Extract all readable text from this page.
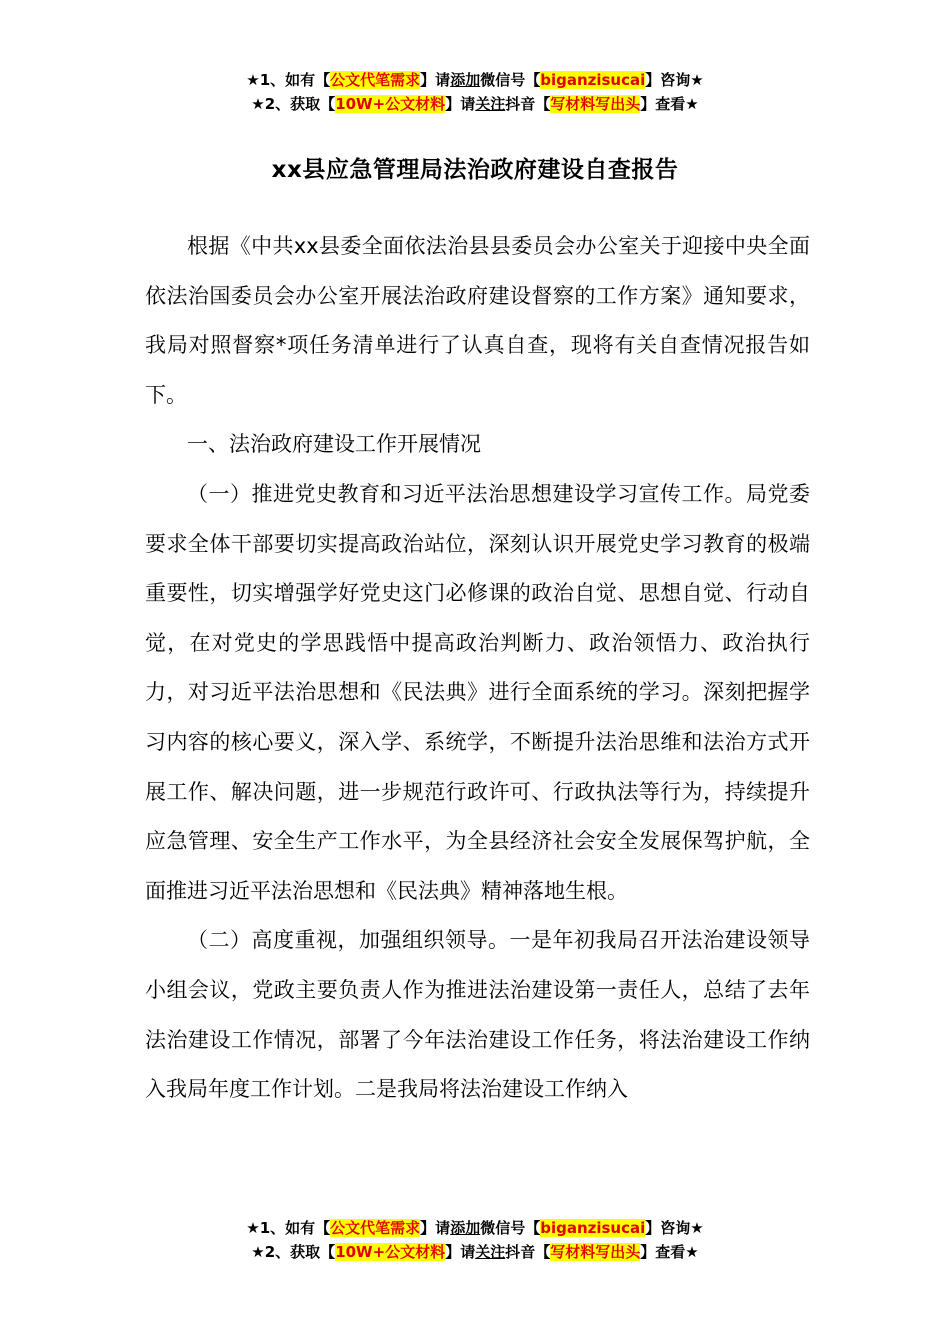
★1、如有【公文代笔需求】请添加微信号【biganzisucai】咨询★
★2、获取【10W+公文材料】请关注抖音【写材料写出头】查看★
xx县应急管理局法治政府建设自查报告

根据《中共xx县委全面依法治县县委员会办公室关于迎接中央全面依法治国委员会办公室开展法治政府建设督察的工作方案》通知要求，我局对照督察*项任务清单进行了认真自查，现将有关自查情况报告如下。

一、法治政府建设工作开展情况

（一）推进党史教育和习近平法治思想建设学习宣传工作。局党委要求全体干部要切实提高政治站位，深刻认识开展党史学习教育的极端重要性，切实增强学好党史这门必修课的政治自觉、思想自觉、行动自觉，在对党史的学思践悟中提高政治判断力、政治领悟力、政治执行力，对习近平法治思想和《民法典》进行全面系统的学习。深刻把握学习内容的核心要义，深入学、系统学，不断提升法治思维和法治方式开展工作、解决问题，进一步规范行政许可、行政执法等行为，持续提升应急管理、安全生产工作水平，为全县经济社会安全发展保驾护航，全面推进习近平法治思想和《民法典》精神落地生根。

（二）高度重视，加强组织领导。一是年初我局召开法治建设领导小组会议，党政主要负责人作为推进法治建设第一责任人，总结了去年法治建设工作情况，部署了今年法治建设工作任务，将法治建设工作纳入我局年度工作计划。二是我局将法治建设工作纳入

★1、如有【公文代笔需求】请添加微信号【biganzisucai】咨询★
★2、获取【10W+公文材料】请关注抖音【写材料写出头】查看★
